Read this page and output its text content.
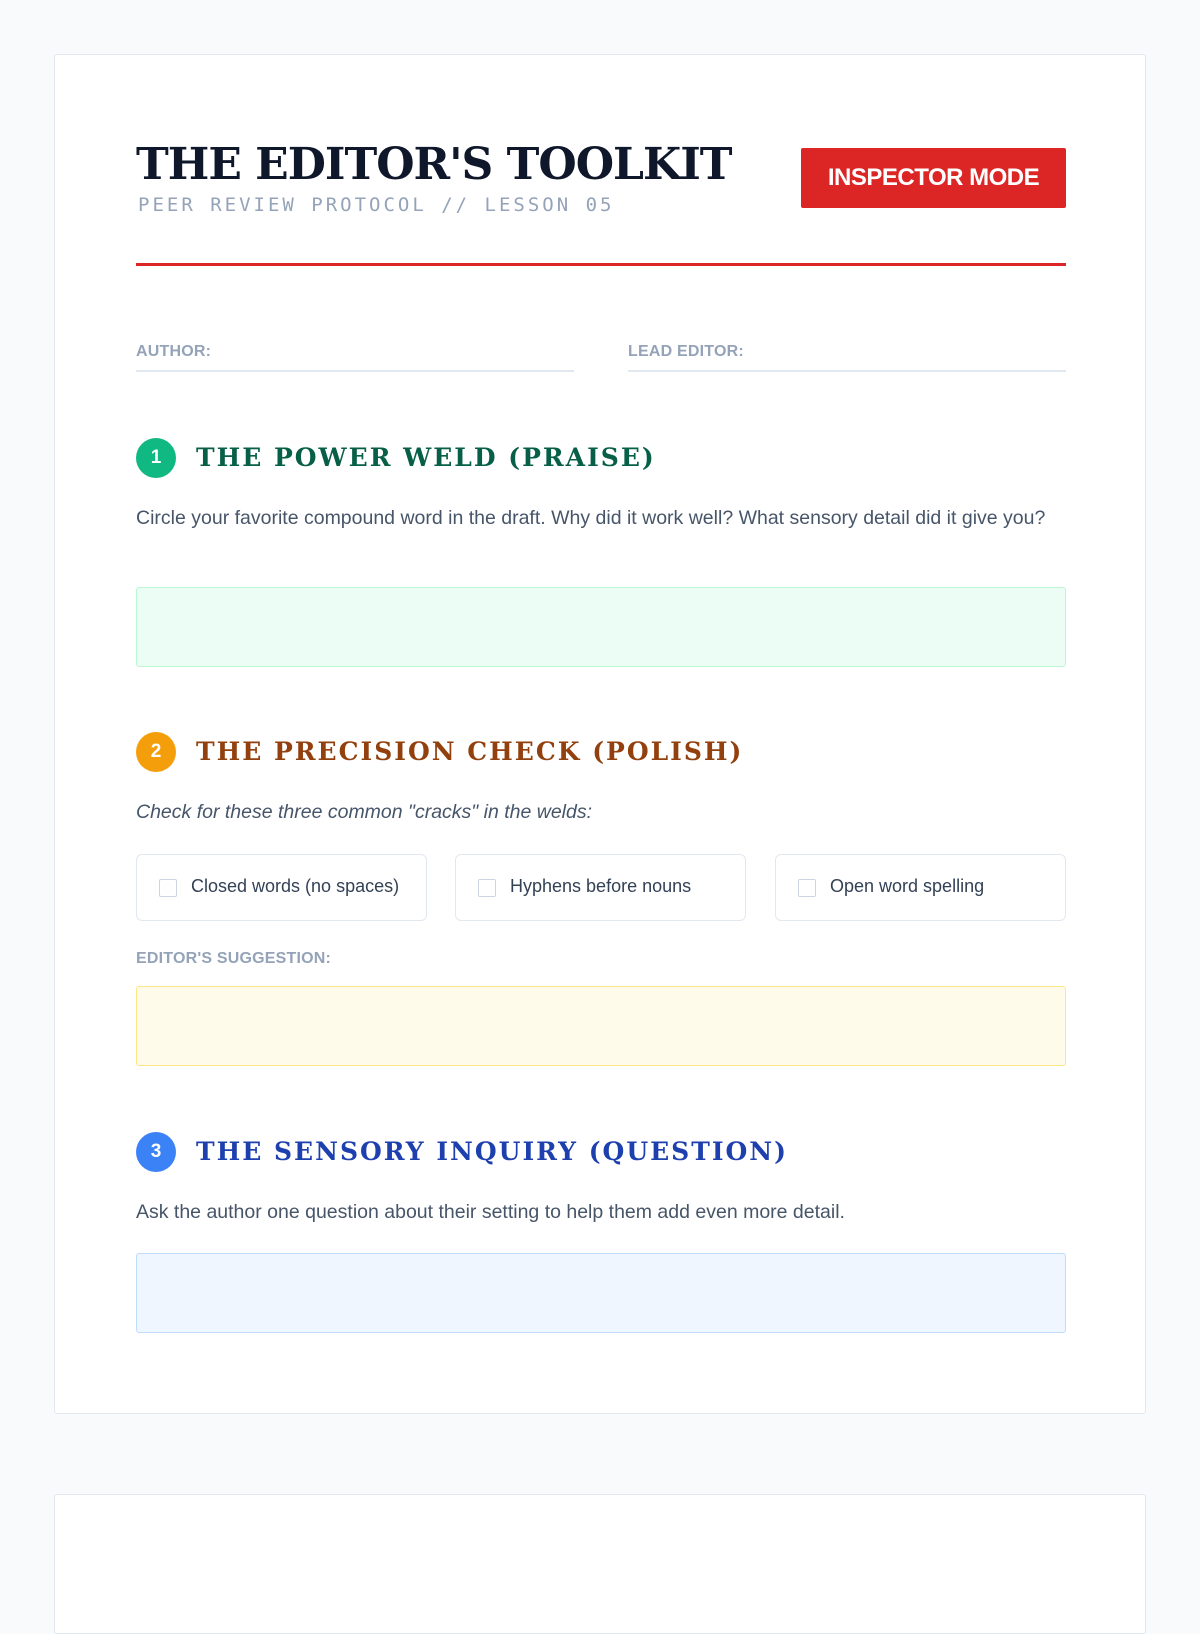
THE EDITOR'S TOOLKIT
PEER REVIEW PROTOCOL // LESSON 05
INSPECTOR MODE
AUTHOR:	LEAD EDITOR:
1	THE POWER WELD (PRAISE)

Circle your favorite compound word in the draft. Why did it work well? What sensory detail did it give you?

2	THE PRECISION CHECK (POLISH)

Check for these three common "cracks" in the welds:

Closed words (no spaces)	Hyphens before nouns	Open word spelling
EDITOR'S SUGGESTION:
3	THE SENSORY INQUIRY (QUESTION)

Ask the author one question about their setting to help them add even more detail.
